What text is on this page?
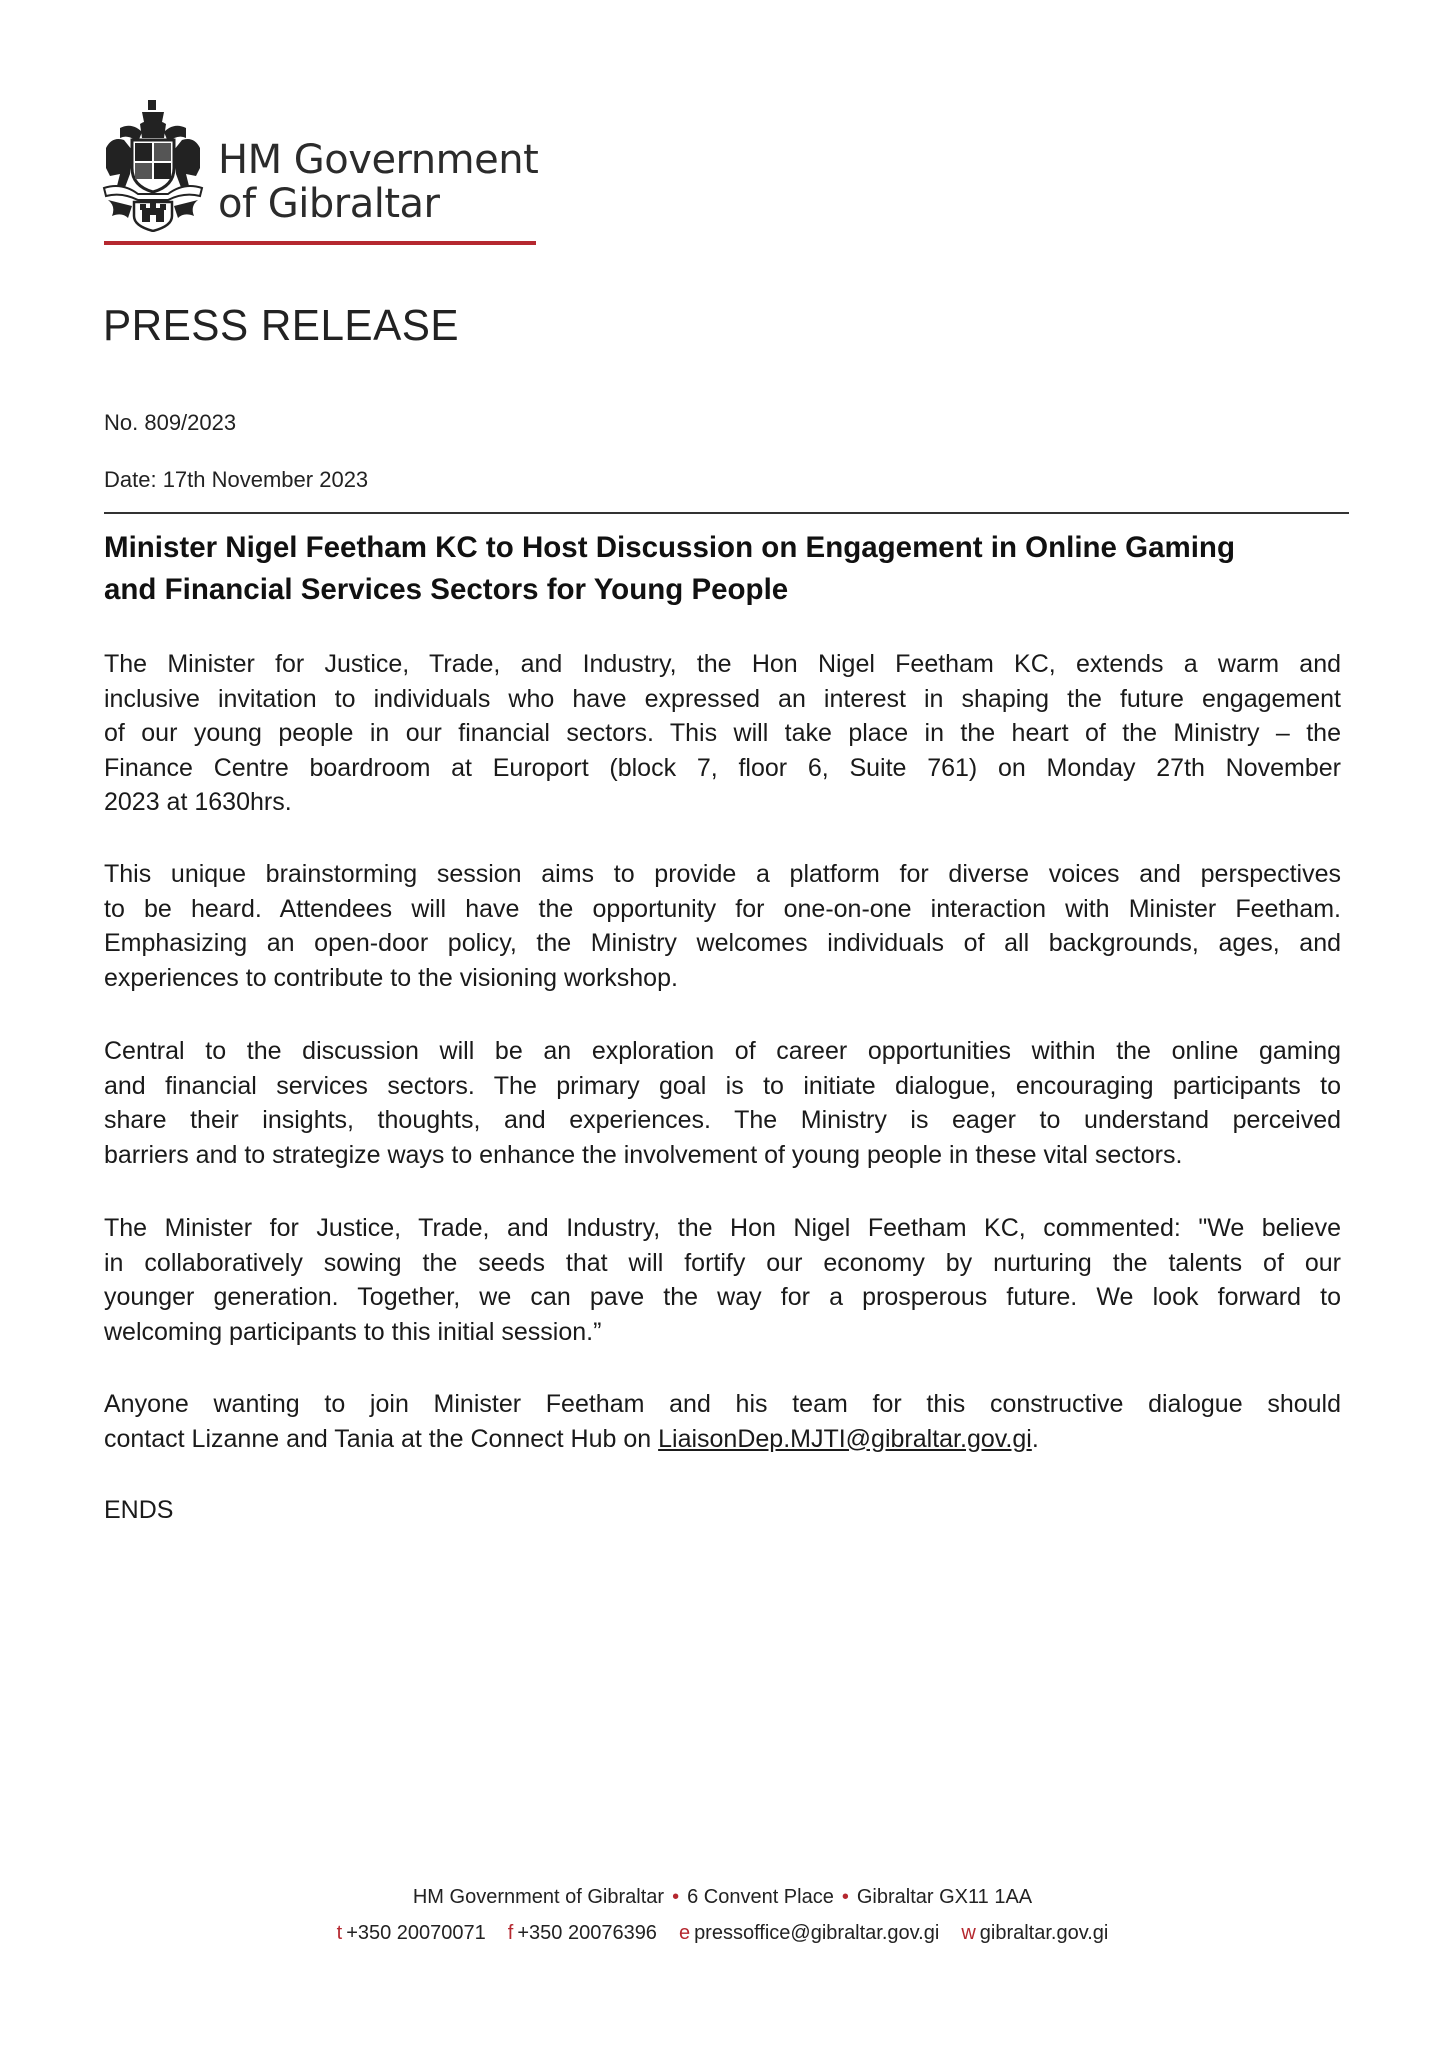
HM Government
of Gibraltar
PRESS RELEASE
No. 809/2023
Date: 17th November 2023
Minister Nigel Feetham KC to Host Discussion on Engagement in Online Gaming
and Financial Services Sectors for Young People
The Minister for Justice, Trade, and Industry, the Hon Nigel Feetham KC, extends a warm and
inclusive invitation to individuals who have expressed an interest in shaping the future engagement
of our young people in our financial sectors. This will take place in the heart of the Ministry – the
Finance Centre boardroom at Europort (block 7, floor 6, Suite 761) on Monday 27th November
2023 at 1630hrs.
This unique brainstorming session aims to provide a platform for diverse voices and perspectives
to be heard. Attendees will have the opportunity for one-on-one interaction with Minister Feetham.
Emphasizing an open-door policy, the Ministry welcomes individuals of all backgrounds, ages, and
experiences to contribute to the visioning workshop.
Central to the discussion will be an exploration of career opportunities within the online gaming
and financial services sectors. The primary goal is to initiate dialogue, encouraging participants to
share their insights, thoughts, and experiences. The Ministry is eager to understand perceived
barriers and to strategize ways to enhance the involvement of young people in these vital sectors.
The Minister for Justice, Trade, and Industry, the Hon Nigel Feetham KC, commented: "We believe
in collaboratively sowing the seeds that will fortify our economy by nurturing the talents of our
younger generation. Together, we can pave the way for a prosperous future. We look forward to
welcoming participants to this initial session.”
Anyone wanting to join Minister Feetham and his team for this constructive dialogue should
contact Lizanne and Tania at the Connect Hub on LiaisonDep.MJTI@gibraltar.gov.gi.
ENDS
HM Government of Gibraltar • 6 Convent Place • Gibraltar GX11 1AA
t +350 20070071 f +350 20076396 e pressoffice@gibraltar.gov.gi w gibraltar.gov.gi
